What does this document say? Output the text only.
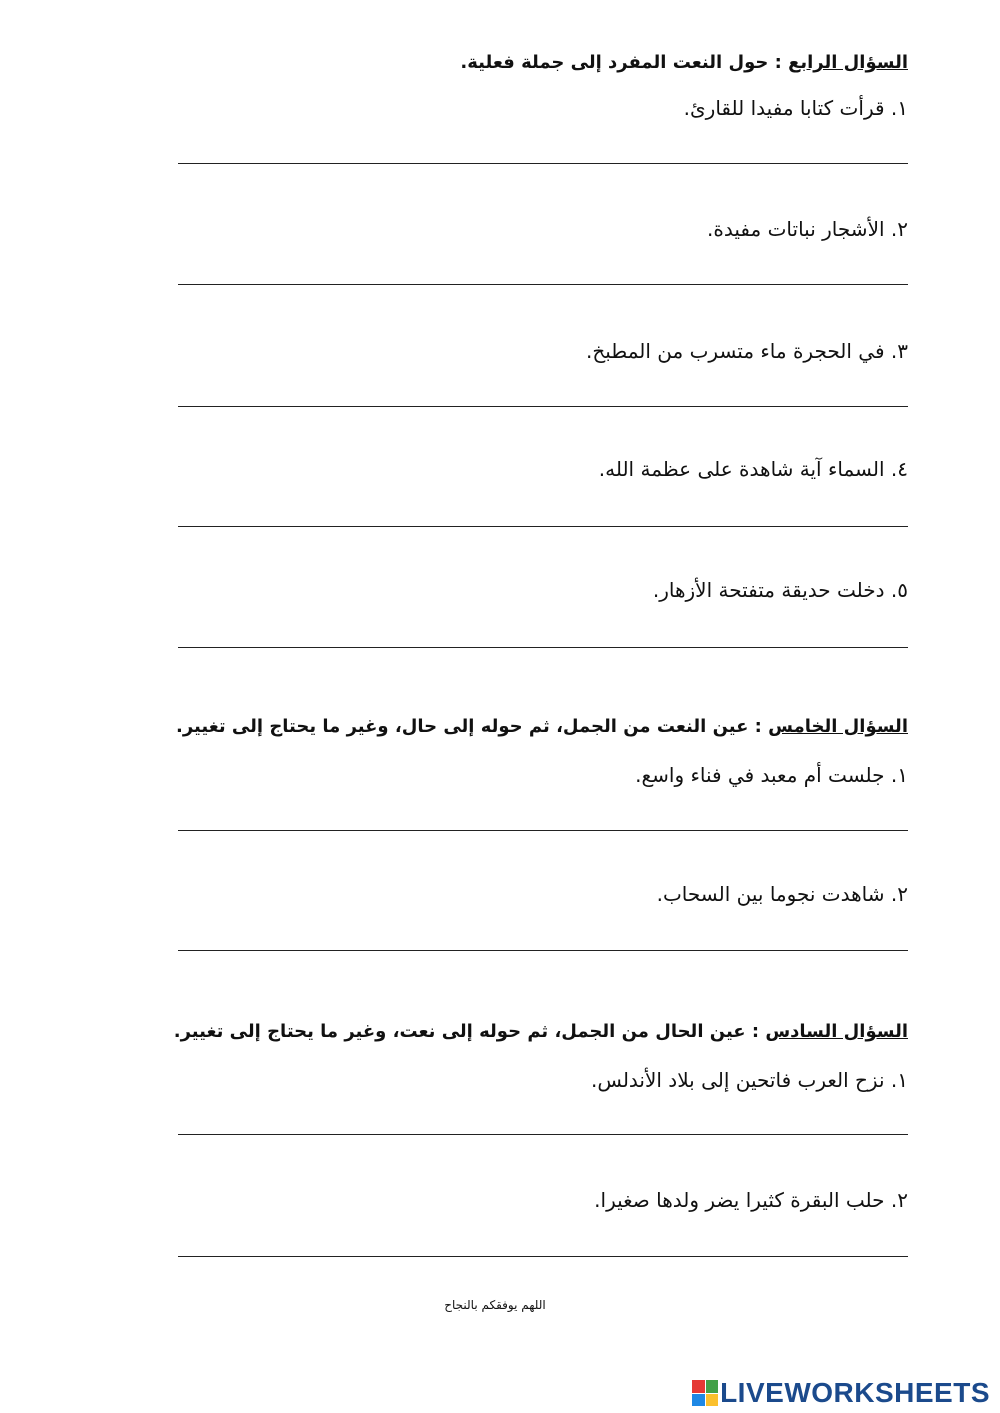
السؤال الرابع : حول النعت المفرد إلى جملة فعلية.
١. قرأت كتابا مفيدا للقارئ.
٢. الأشجار نباتات مفيدة.
٣. في الحجرة ماء متسرب من المطبخ.
٤. السماء آية شاهدة على عظمة الله.
٥. دخلت حديقة متفتحة الأزهار.
السؤال الخامس : عين النعت من الجمل، ثم حوله إلى حال، وغير ما يحتاج إلى تغيير.
١. جلست أم معبد في فناء واسع.
٢. شاهدت نجوما بين السحاب.
السؤال السادس : عين الحال من الجمل، ثم حوله إلى نعت، وغير ما يحتاج إلى تغيير.
١. نزح العرب فاتحين إلى بلاد الأندلس.
٢. حلب البقرة كثيرا يضر ولدها صغيرا.
اللهم يوفقكم بالنجاح
LIVEWORKSHEETS
